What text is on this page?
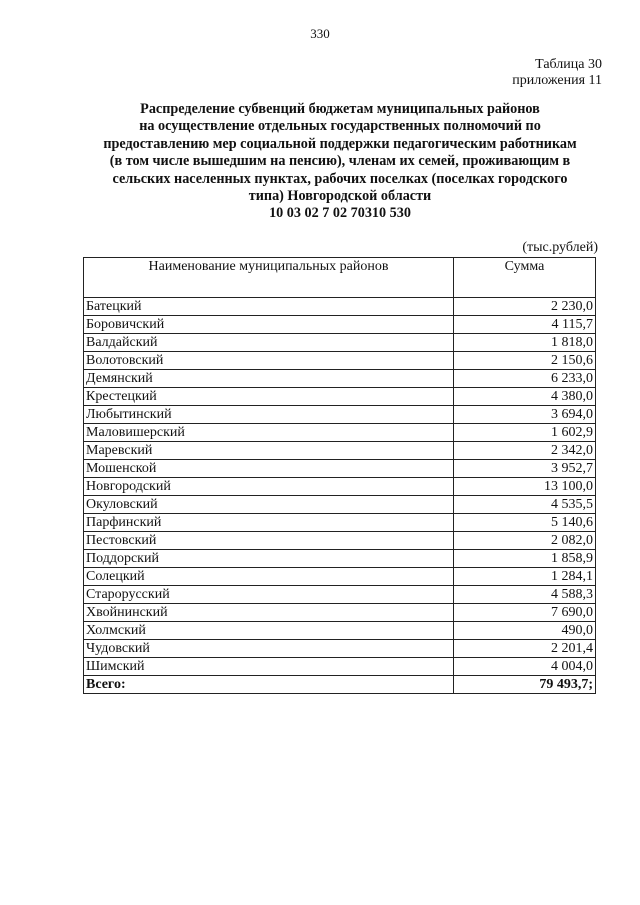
330
Таблица 30
приложения 11
Распределение субвенций бюджетам муниципальных районов
на осуществление отдельных государственных полномочий по
предоставлению мер социальной поддержки педагогическим работникам
(в том числе вышедшим на пенсию), членам их семей, проживающим в
сельских населенных пунктах, рабочих поселках (поселках городского
типа) Новгородской области
10 03 02 7 02 70310 530
(тыс.рублей)
Наименование муниципальных районов	Сумма
Батецкий	2 230,0
Боровичский	4 115,7
Валдайский	1 818,0
Волотовский	2 150,6
Демянский	6 233,0
Крестецкий	4 380,0
Любытинский	3 694,0
Маловишерский	1 602,9
Маревский	2 342,0
Мошенской	3 952,7
Новгородский	13 100,0
Окуловский	4 535,5
Парфинский	5 140,6
Пестовский	2 082,0
Поддорский	1 858,9
Солецкий	1 284,1
Старорусский	4 588,3
Хвойнинский	7 690,0
Холмский	490,0
Чудовский	2 201,4
Шимский	4 004,0
Всего:	79 493,7;
